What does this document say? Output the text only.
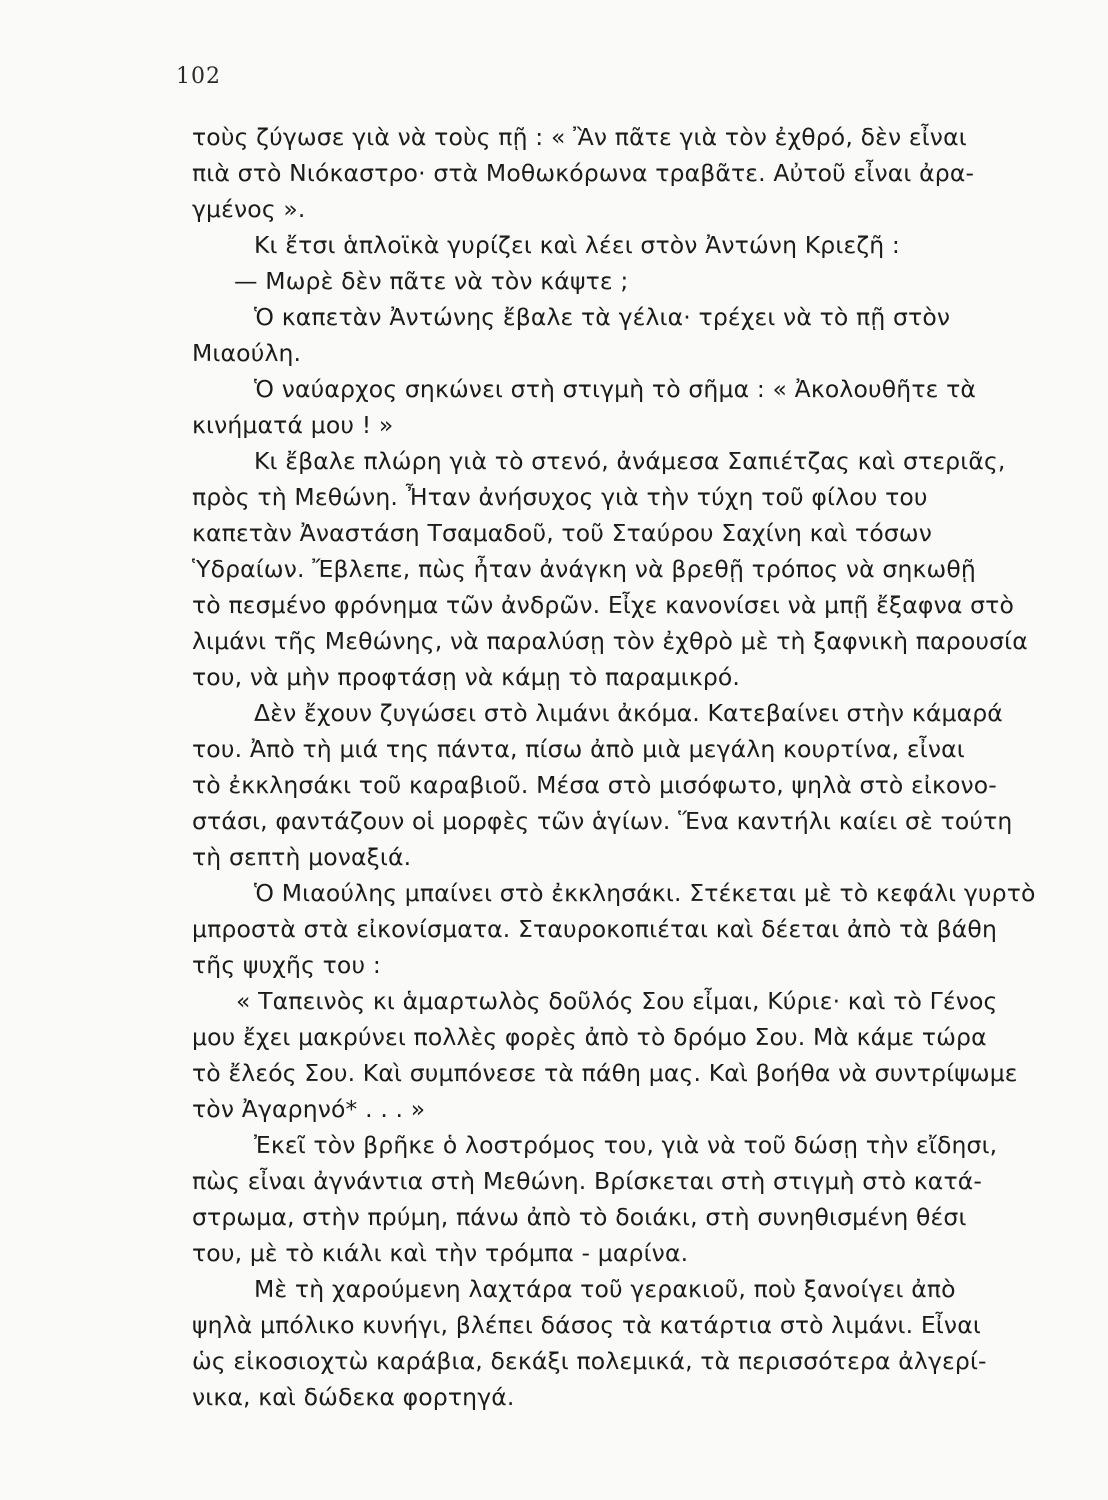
102
τοὺς ζύγωσε γιὰ νὰ τοὺς πῇ : « Ἂν πᾶτε γιὰ τὸν ἐχθρό, δὲν εἶναι
πιὰ στὸ Νιόκαστρο· στὰ Μοθωκόρωνα τραβᾶτε. Αὐτοῦ εἶναι ἀρα-
γμένος ».
Κι ἔτσι ἁπλοϊκὰ γυρίζει καὶ λέει στὸν Ἀντώνη Κριεζῆ :
— Μωρὲ δὲν πᾶτε νὰ τὸν κάψτε ;
Ὁ καπετὰν Ἀντώνης ἔβαλε τὰ γέλια· τρέχει νὰ τὸ πῇ στὸν
Μιαούλη.
Ὁ ναύαρχος σηκώνει στὴ στιγμὴ τὸ σῆμα : « Ἀκολουθῆτε τὰ
κινήματά μου ! »
Κι ἔβαλε πλώρη γιὰ τὸ στενό, ἀνάμεσα Σαπιέτζας καὶ στεριᾶς,
πρὸς τὴ Μεθώνη. Ἦταν ἀνήσυχος γιὰ τὴν τύχη τοῦ φίλου του
καπετὰν Ἀναστάση Τσαμαδοῦ, τοῦ Σταύρου Σαχίνη καὶ τόσων
Ὑδραίων. Ἔβλεπε, πὼς ἦταν ἀνάγκη νὰ βρεθῇ τρόπος νὰ σηκωθῇ
τὸ πεσμένο φρόνημα τῶν ἀνδρῶν. Εἶχε κανονίσει νὰ μπῇ ἔξαφνα στὸ
λιμάνι τῆς Μεθώνης, νὰ παραλύσῃ τὸν ἐχθρὸ μὲ τὴ ξαφνικὴ παρουσία
του, νὰ μὴν προφτάσῃ νὰ κάμῃ τὸ παραμικρό.
Δὲν ἔχουν ζυγώσει στὸ λιμάνι ἀκόμα. Κατεβαίνει στὴν κάμαρά
του. Ἀπὸ τὴ μιά της πάντα, πίσω ἀπὸ μιὰ μεγάλη κουρτίνα, εἶναι
τὸ ἐκκλησάκι τοῦ καραβιοῦ. Μέσα στὸ μισόφωτο, ψηλὰ στὸ εἰκονο-
στάσι, φαντάζουν οἱ μορφὲς τῶν ἁγίων. Ἕνα καντήλι καίει σὲ τούτη
τὴ σεπτὴ μοναξιά.
Ὁ Μιαούλης μπαίνει στὸ ἐκκλησάκι. Στέκεται μὲ τὸ κεφάλι γυρτὸ
μπροστὰ στὰ εἰκονίσματα. Σταυροκοπιέται καὶ δέεται ἀπὸ τὰ βάθη
τῆς ψυχῆς του :
« Ταπεινὸς κι ἁμαρτωλὸς δοῦλός Σου εἶμαι, Κύριε· καὶ τὸ Γένος
μου ἔχει μακρύνει πολλὲς φορὲς ἀπὸ τὸ δρόμο Σου. Μὰ κάμε τώρα
τὸ ἔλεός Σου. Καὶ συμπόνεσε τὰ πάθη μας. Καὶ βοήθα νὰ συντρίψωμε
τὸν Ἀγαρηνό* . . . »
Ἐκεῖ τὸν βρῆκε ὁ λοστρόμος του, γιὰ νὰ τοῦ δώσῃ τὴν εἴδησι,
πὼς εἶναι ἀγνάντια στὴ Μεθώνη. Βρίσκεται στὴ στιγμὴ στὸ κατά-
στρωμα, στὴν πρύμη, πάνω ἀπὸ τὸ δοιάκι, στὴ συνηθισμένη θέσι
του, μὲ τὸ κιάλι καὶ τὴν τρόμπα - μαρίνα.
Μὲ τὴ χαρούμενη λαχτάρα τοῦ γερακιοῦ, ποὺ ξανοίγει ἀπὸ
ψηλὰ μπόλικο κυνήγι, βλέπει δάσος τὰ κατάρτια στὸ λιμάνι. Εἶναι
ὡς εἰκοσιοχτὼ καράβια, δεκάξι πολεμικά, τὰ περισσότερα ἀλγερί-
νικα, καὶ δώδεκα φορτηγά.
